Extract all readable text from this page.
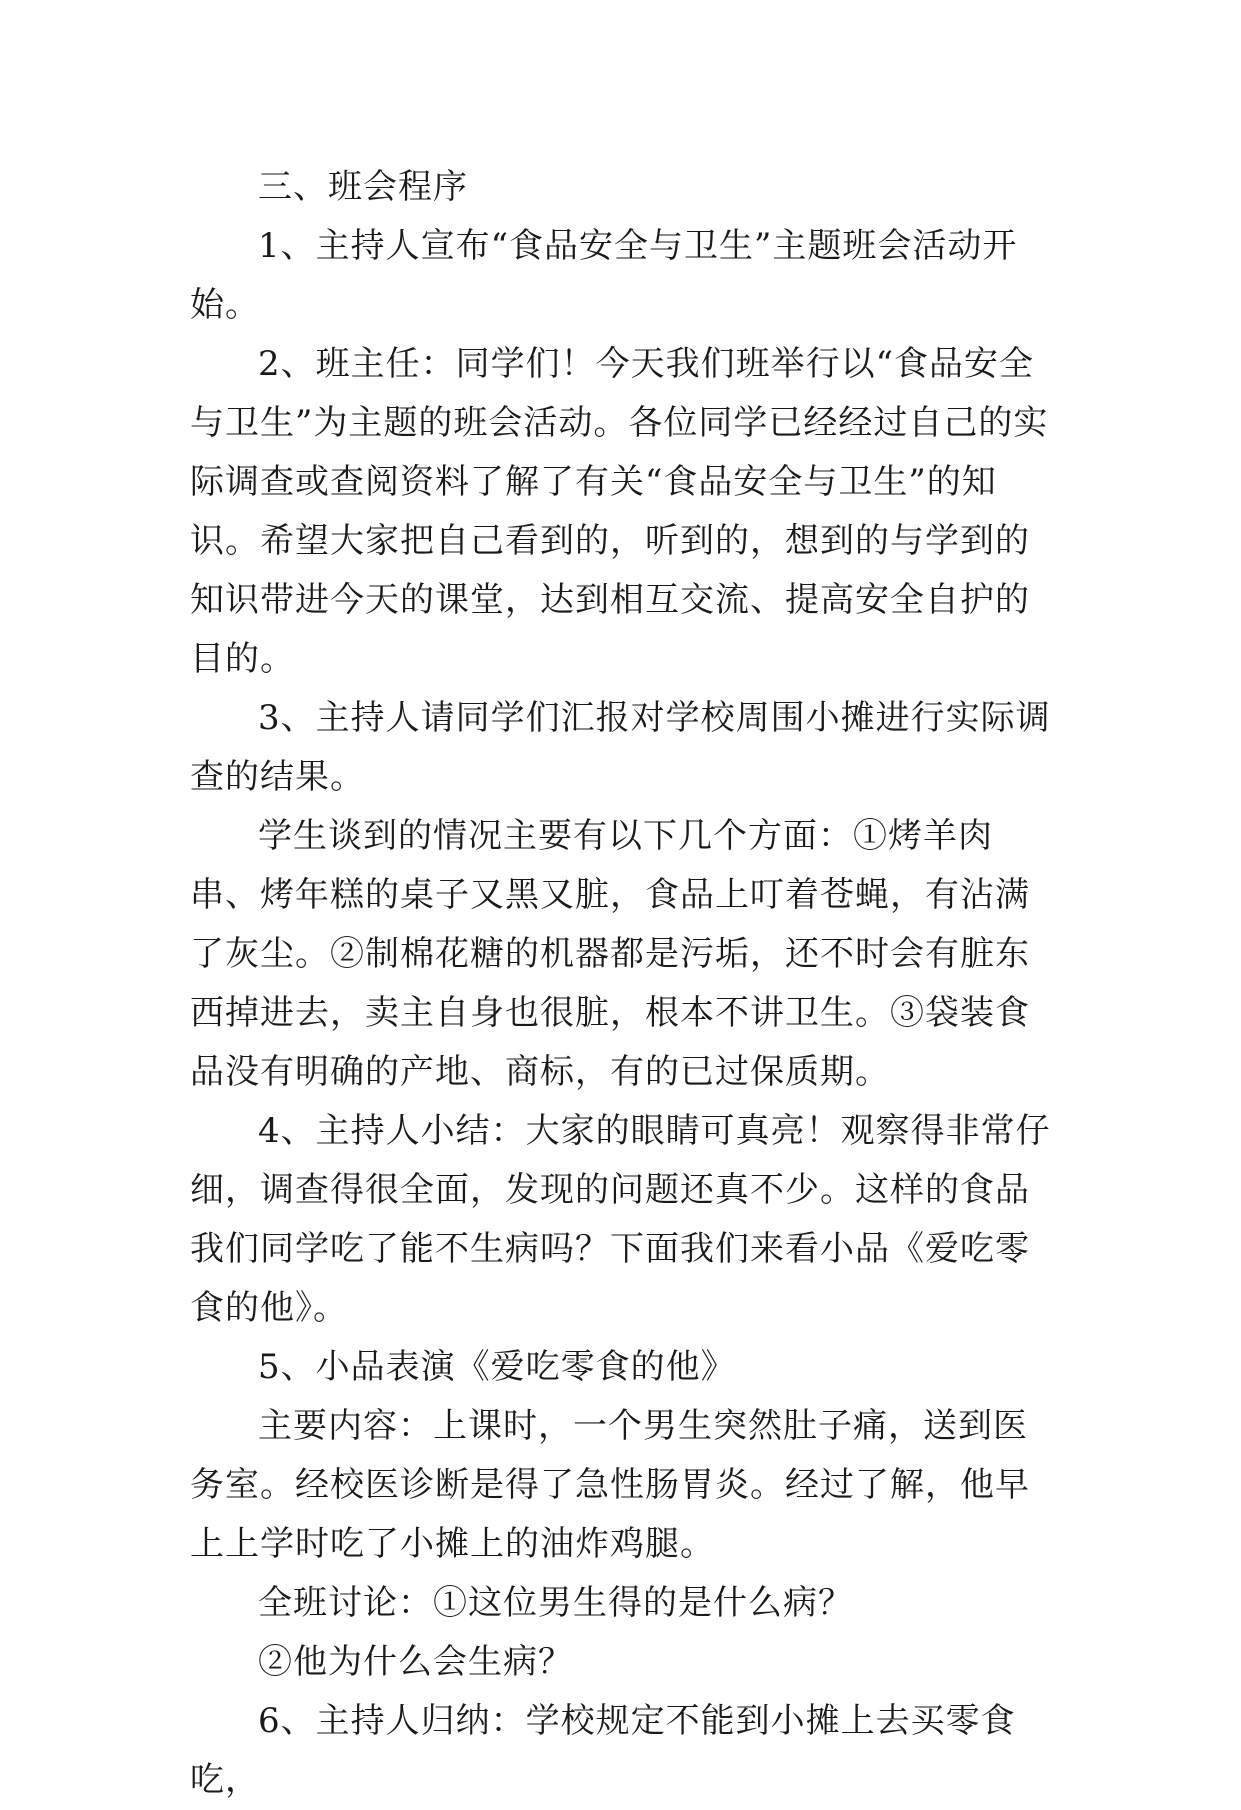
三、班会程序

1、主持人宣布“食品安全与卫生”主题班会活动开始。

2、班主任：同学们！今天我们班举行以“食品安全与卫生”为主题的班会活动。各位同学已经经过自己的实际调查或查阅资料了解了有关“食品安全与卫生”的知识。希望大家把自己看到的，听到的，想到的与学到的知识带进今天的课堂，达到相互交流、提高安全自护的目的。

3、主持人请同学们汇报对学校周围小摊进行实际调查的结果。

学生谈到的情况主要有以下几个方面：①烤羊肉串、烤年糕的桌子又黑又脏，食品上叮着苍蝇，有沾满了灰尘。②制棉花糖的机器都是污垢，还不时会有脏东西掉进去，卖主自身也很脏，根本不讲卫生。③袋装食品没有明确的产地、商标，有的已过保质期。

4、主持人小结：大家的眼睛可真亮！观察得非常仔细，调查得很全面，发现的问题还真不少。这样的食品我们同学吃了能不生病吗？下面我们来看小品《爱吃零食的他》。

5、小品表演《爱吃零食的他》

主要内容：上课时，一个男生突然肚子痛，送到医务室。经校医诊断是得了急性肠胃炎。经过了解，他早上上学时吃了小摊上的油炸鸡腿。

全班讨论：①这位男生得的是什么病？

②他为什么会生病？

6、主持人归纳：学校规定不能到小摊上去买零食吃，
